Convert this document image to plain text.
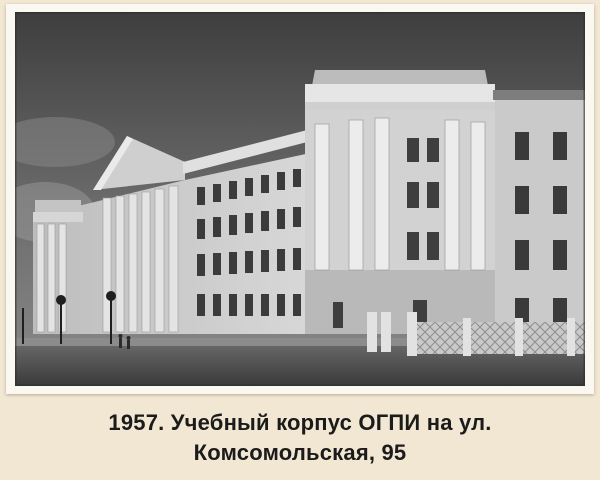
1957. Учебный корпус ОГПИ на ул.
Комсомольская, 95
